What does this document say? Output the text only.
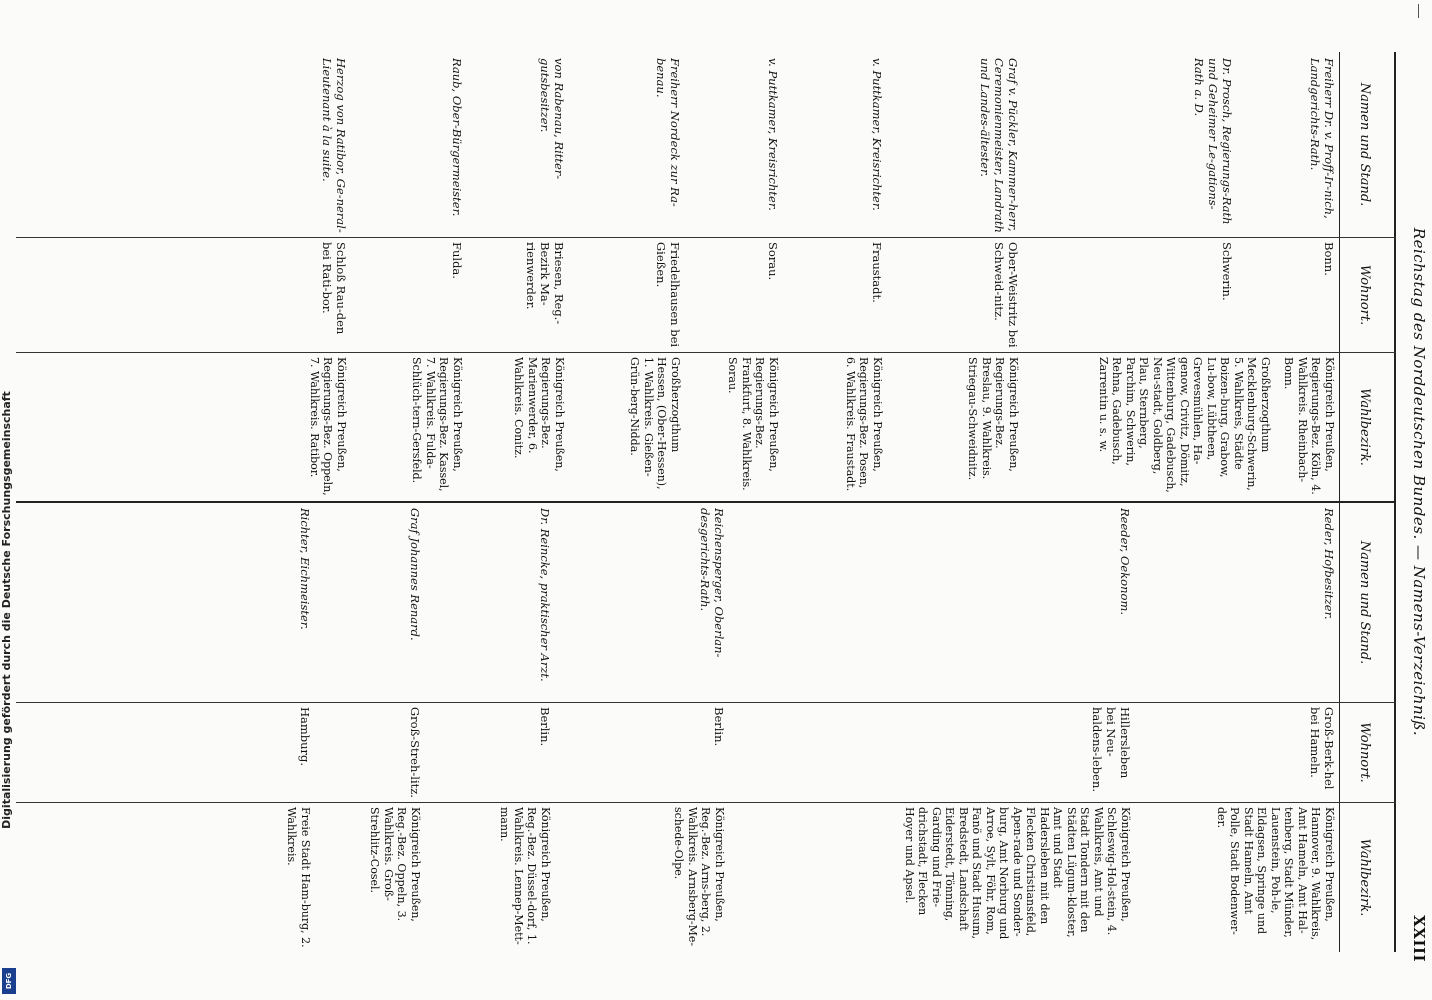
Reichstag des Norddeutschen Bundes. — Namens-Verzeichniß.
XXIII
Namen und Stand.
Wohnort.
Wahlbezirk.
Namen und Stand.
Wohnort.
Wahlbezirk.
Freiherr Dr. v. Proff-Ir-nich, Landgerichts-Rath.
Bonn.
Königreich Preußen, Regierungs-Bez. Köln, 4. Wahlkreis. Rheinbach-Bonn.
Dr. Prosch, Regierungs-Rath und Geheimer Le-gations-Rath a. D.
Schwerin.
Großherzogthum Mecklenburg-Schwerin, 5. Wahlkreis, Städte Boizen-burg, Grabow, Lu-bow, Lübtheen, Grevesmühlen, Ha-genow, Crivitz, Dömitz, Wittenburg, Gadebusch, Neu-stadt, Goldberg, Plau, Sternberg, Parchim, Schwerin, Rehna, Gadebusch, Zarrentin u. s. w.
Graf v. Pückler, Kammer-herr, Ceremonienmeister, Landrath und Landes-ältester.
Ober-Weistritz bei Schweid-nitz.
Königreich Preußen, Regierungs-Bez. Breslau, 9. Wahlkreis. Striegau-Schweidnitz.
v. Puttkamer, Kreisrichter.
Fraustadt.
Königreich Preußen, Regierungs-Bez. Posen, 6. Wahlkreis. Fraustadt.
v. Puttkamer, Kreisrichter.
Sorau.
Königreich Preußen, Regierungs-Bez. Frankfurt, 8. Wahlkreis. Sorau.
Freiherr Nordeck zur Ra-benau.
Friedelhausen bei Gießen.
Großherzogthum Hessen, (Ober-Hessen), 1. Wahlkreis. Gießen-Grün-berg-Nidda.
von Rabenau, Ritter-gutsbesitzer.
Briesen, Reg.-Bezirk Ma-rienwerder.
Königreich Preußen, Regierungs-Bez. Marienwerder, 6. Wahlkreis. Conitz.
Raub, Ober-Bürgermeister.
Fulda.
Königreich Preußen, Regierungs-Bez. Kassel, 7. Wahlkreis. Fulda-Schlüch-tern-Gersfeld.
Herzog von Ratibor, Ge-neral-Lieutenant à la suite.
Schloß Rau-den bei Rati-bor.
Königreich Preußen, Regierungs-Bez. Oppeln, 7. Wahlkreis. Ratibor.
Reder, Hofbesitzer.
Groß-Berk-hel bei Hameln.
Königreich Preußen, Hannover, 9. Wahlkreis, Amt Hameln, Amt Hal-tenberg, Stadt Münder, Lauenstein, Poh-le, Eldagsen, Springe und Stadt Hameln, Amt Polle, Stadt Bodenwer-der.
Reeder, Oekonom.
Hillersleben bei Neu-haldens-leben.
Königreich Preußen, Schleswig-Hol-stein, 4. Wahlkreis, Amt und Stadt Tondern mit den Städten Lügum-kloster, Amt und Stadt Hadersleben mit den Flecken Christiansfeld, Apen-rade und Sonder-burg, Amt Norburg und Arroe, Sylt, Föhr, Rom, Fanö und Stadt Husum, Bredstedt, Landschaft Eiderstedt, Tönning, Garding und Frie-drichstadt, Flecken Hoyer und Apsel.
Reichensperger, Oberlan-desgerichts-Rath.
Berlin.
Königreich Preußen, Reg.-Bez. Arns-berg, 2. Wahlkreis. Arnsberg-Me-schede-Olpe.
Dr. Reincke, praktischer Arzt.
Berlin.
Königreich Preußen, Reg.-Bez. Düssel-dorf, 1. Wahlkreis. Lennep-Mett-mann.
Graf Johannes Renard.
Groß-Streh-litz.
Königreich Preußen, Reg.-Bez. Oppeln, 3. Wahlkreis. Groß-Strehlitz-Cosel.
Richter, Eichmeister.
Hamburg.
Freie Stadt Ham-burg, 2. Wahlkreis.
Digitalisierung gefördert durch die Deutsche Forschungsgemeinschaft
DFG
